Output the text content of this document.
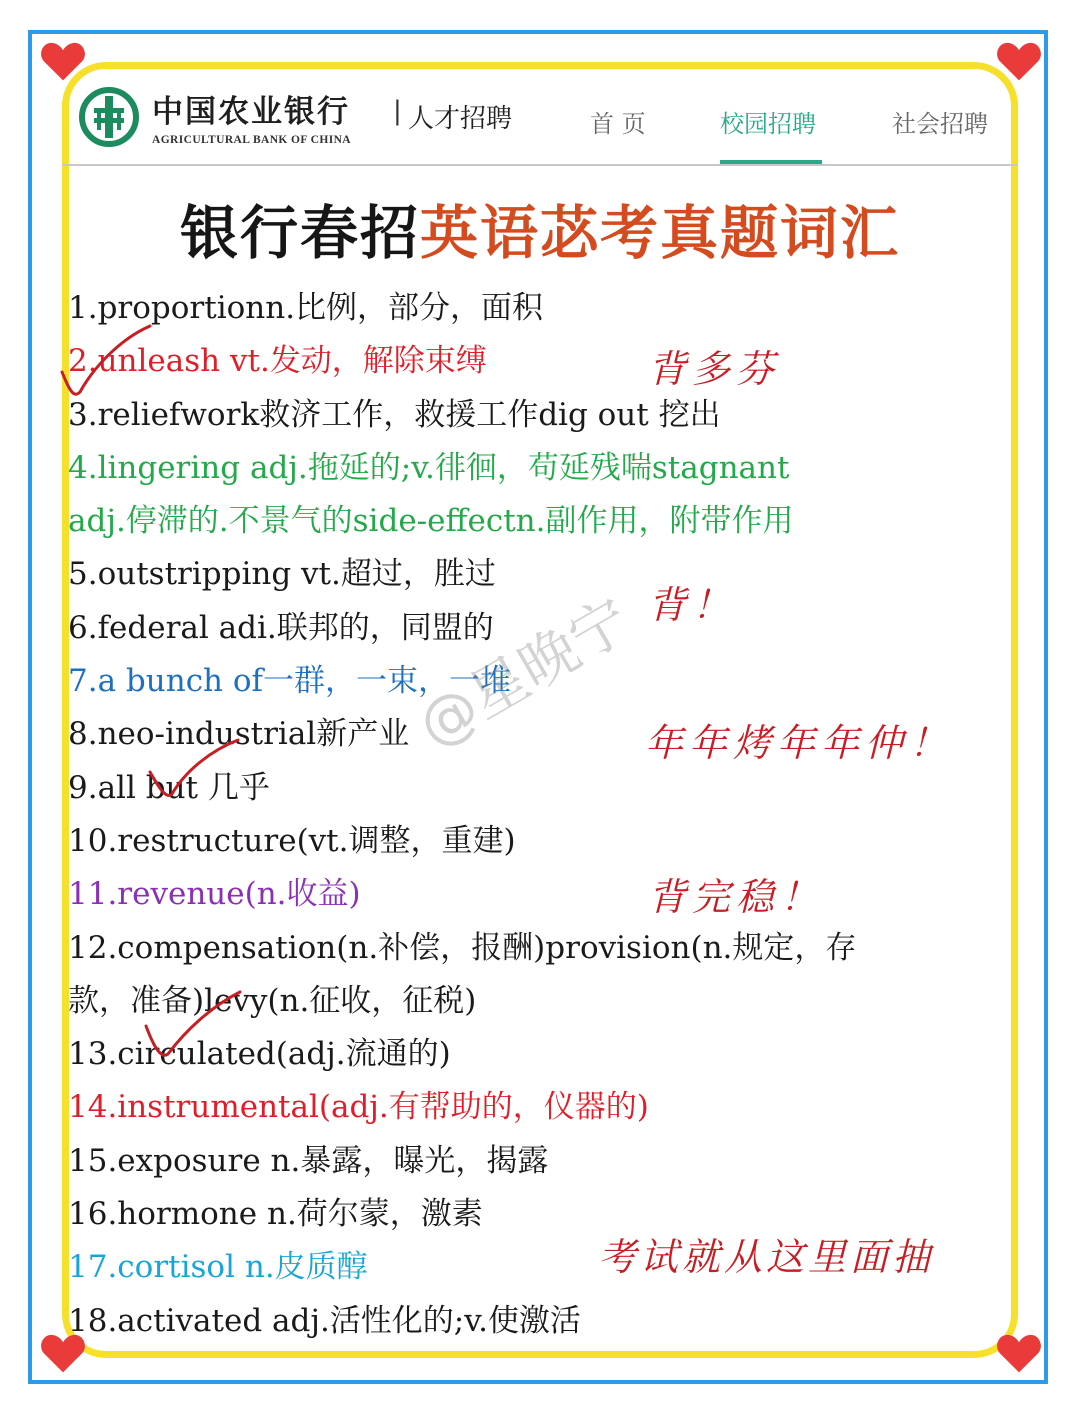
中国农业银行 | 人才招聘
AGRICULTURAL BANK OF CHINA
首 页	校园招聘	社会招聘
银行春招英语苾考真题词汇
1.proportionn.比例，部分，面积
2.unleash vt.发动，解除束缚
3.reliefwork救济工作，救援工作dig out 挖出
4.lingering adj.拖延的;v.徘徊，苟延残喘stagnant
adj.停滞的.不景气的side-effectn.副作用，附带作用
5.outstripping vt.超过，胜过
6.federal adi.联邦的，同盟的
7.a bunch of一群，一束，一堆
8.neo-industrial新产业
9.all but 几乎
10.restructure(vt.调整，重建)
11.revenue(n.收益)
12.compensation(n.补偿，报酬)provision(n.规定，存
款，准备)levy(n.征收，征税)
13.circulated(adj.流通的)
14.instrumental(adj.有帮助的，仪器的)
15.exposure n.暴露，曝光，揭露
16.hormone n.荷尔蒙，激素
17.cortisol n.皮质醇
18.activated adj.活性化的;v.使激活
@星晚宁
背多芬
背！
年年烤年年仲！
背完稳！
考试就从这里面抽
